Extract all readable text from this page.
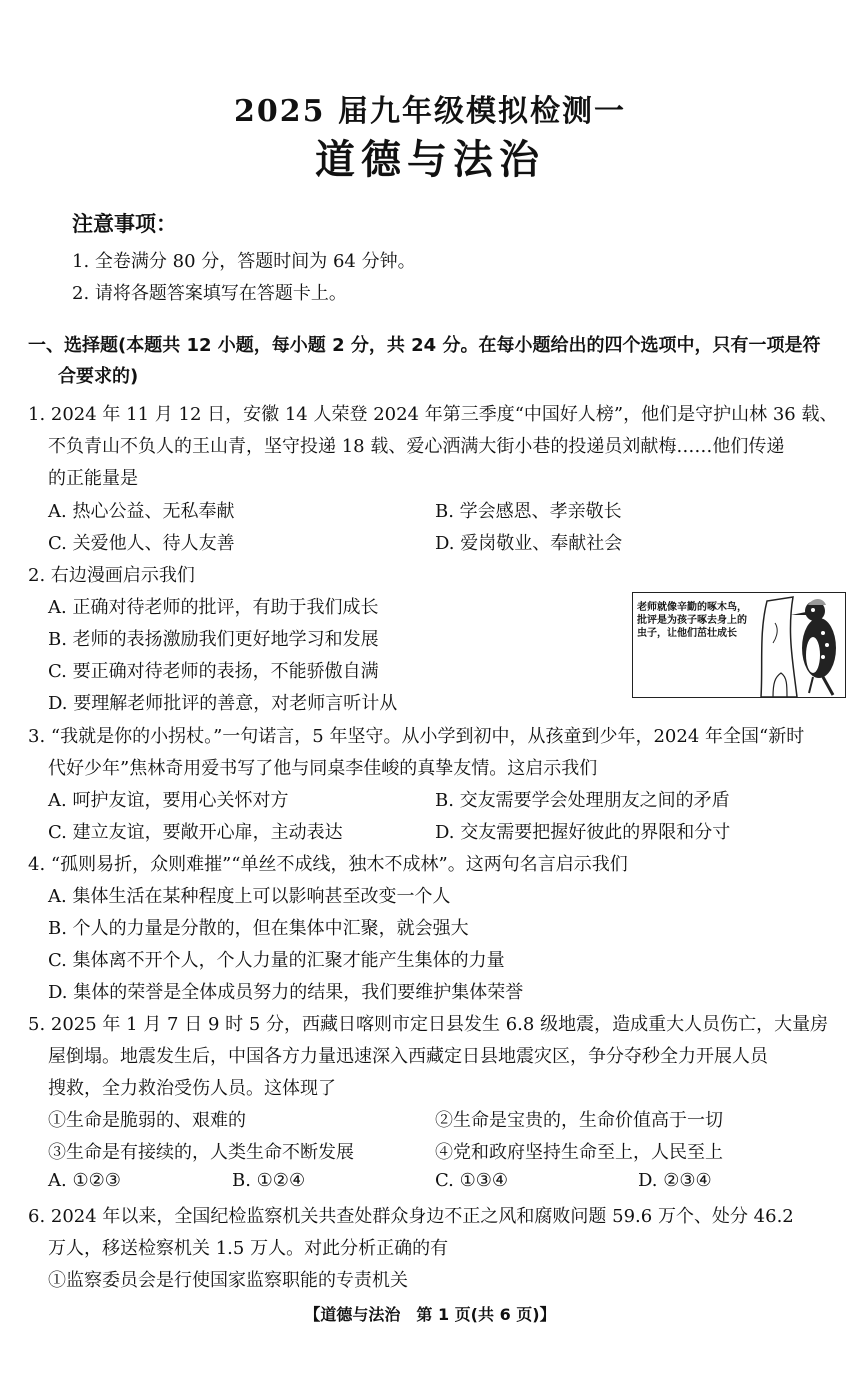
2025 届九年级模拟检测一
道德与法治
注意事项：
1. 全卷满分 80 分，答题时间为 64 分钟。
2. 请将各题答案填写在答题卡上。
一、选择题(本题共 12 小题，每小题 2 分，共 24 分。在每小题给出的四个选项中，只有一项是符
合要求的)
1. 2024 年 11 月 12 日，安徽 14 人荣登 2024 年第三季度“中国好人榜”，他们是守护山林 36 载、
不负青山不负人的王山青，坚守投递 18 载、爱心洒满大街小巷的投递员刘献梅……他们传递
的正能量是
A. 热心公益、无私奉献	B. 学会感恩、孝亲敬长
C. 关爱他人、待人友善	D. 爱岗敬业、奉献社会
2. 右边漫画启示我们
A. 正确对待老师的批评，有助于我们成长
B. 老师的表扬激励我们更好地学习和发展
C. 要正确对待老师的表扬，不能骄傲自满
D. 要理解老师批评的善意，对老师言听计从
老师就像辛勤的啄木鸟，批评是为孩子啄去身上的虫子，让他们茁壮成长
3. “我就是你的小拐杖。”一句诺言，5 年坚守。从小学到初中，从孩童到少年，2024 年全国“新时
代好少年”焦林奇用爱书写了他与同桌李佳峻的真挚友情。这启示我们
A. 呵护友谊，要用心关怀对方	B. 交友需要学会处理朋友之间的矛盾
C. 建立友谊，要敞开心扉，主动表达	D. 交友需要把握好彼此的界限和分寸
4. “孤则易折，众则难摧”“单丝不成线，独木不成林”。这两句名言启示我们
A. 集体生活在某种程度上可以影响甚至改变一个人
B. 个人的力量是分散的，但在集体中汇聚，就会强大
C. 集体离不开个人，个人力量的汇聚才能产生集体的力量
D. 集体的荣誉是全体成员努力的结果，我们要维护集体荣誉
5. 2025 年 1 月 7 日 9 时 5 分，西藏日喀则市定日县发生 6.8 级地震，造成重大人员伤亡，大量房
屋倒塌。地震发生后，中国各方力量迅速深入西藏定日县地震灾区，争分夺秒全力开展人员
搜救，全力救治受伤人员。这体现了
①生命是脆弱的、艰难的	②生命是宝贵的，生命价值高于一切
③生命是有接续的，人类生命不断发展	④党和政府坚持生命至上，人民至上
A. ①②③	B. ①②④	C. ①③④	D. ②③④
6. 2024 年以来，全国纪检监察机关共查处群众身边不正之风和腐败问题 59.6 万个、处分 46.2
万人，移送检察机关 1.5 万人。对此分析正确的有
①监察委员会是行使国家监察职能的专责机关
【道德与法治　第 1 页(共 6 页)】
